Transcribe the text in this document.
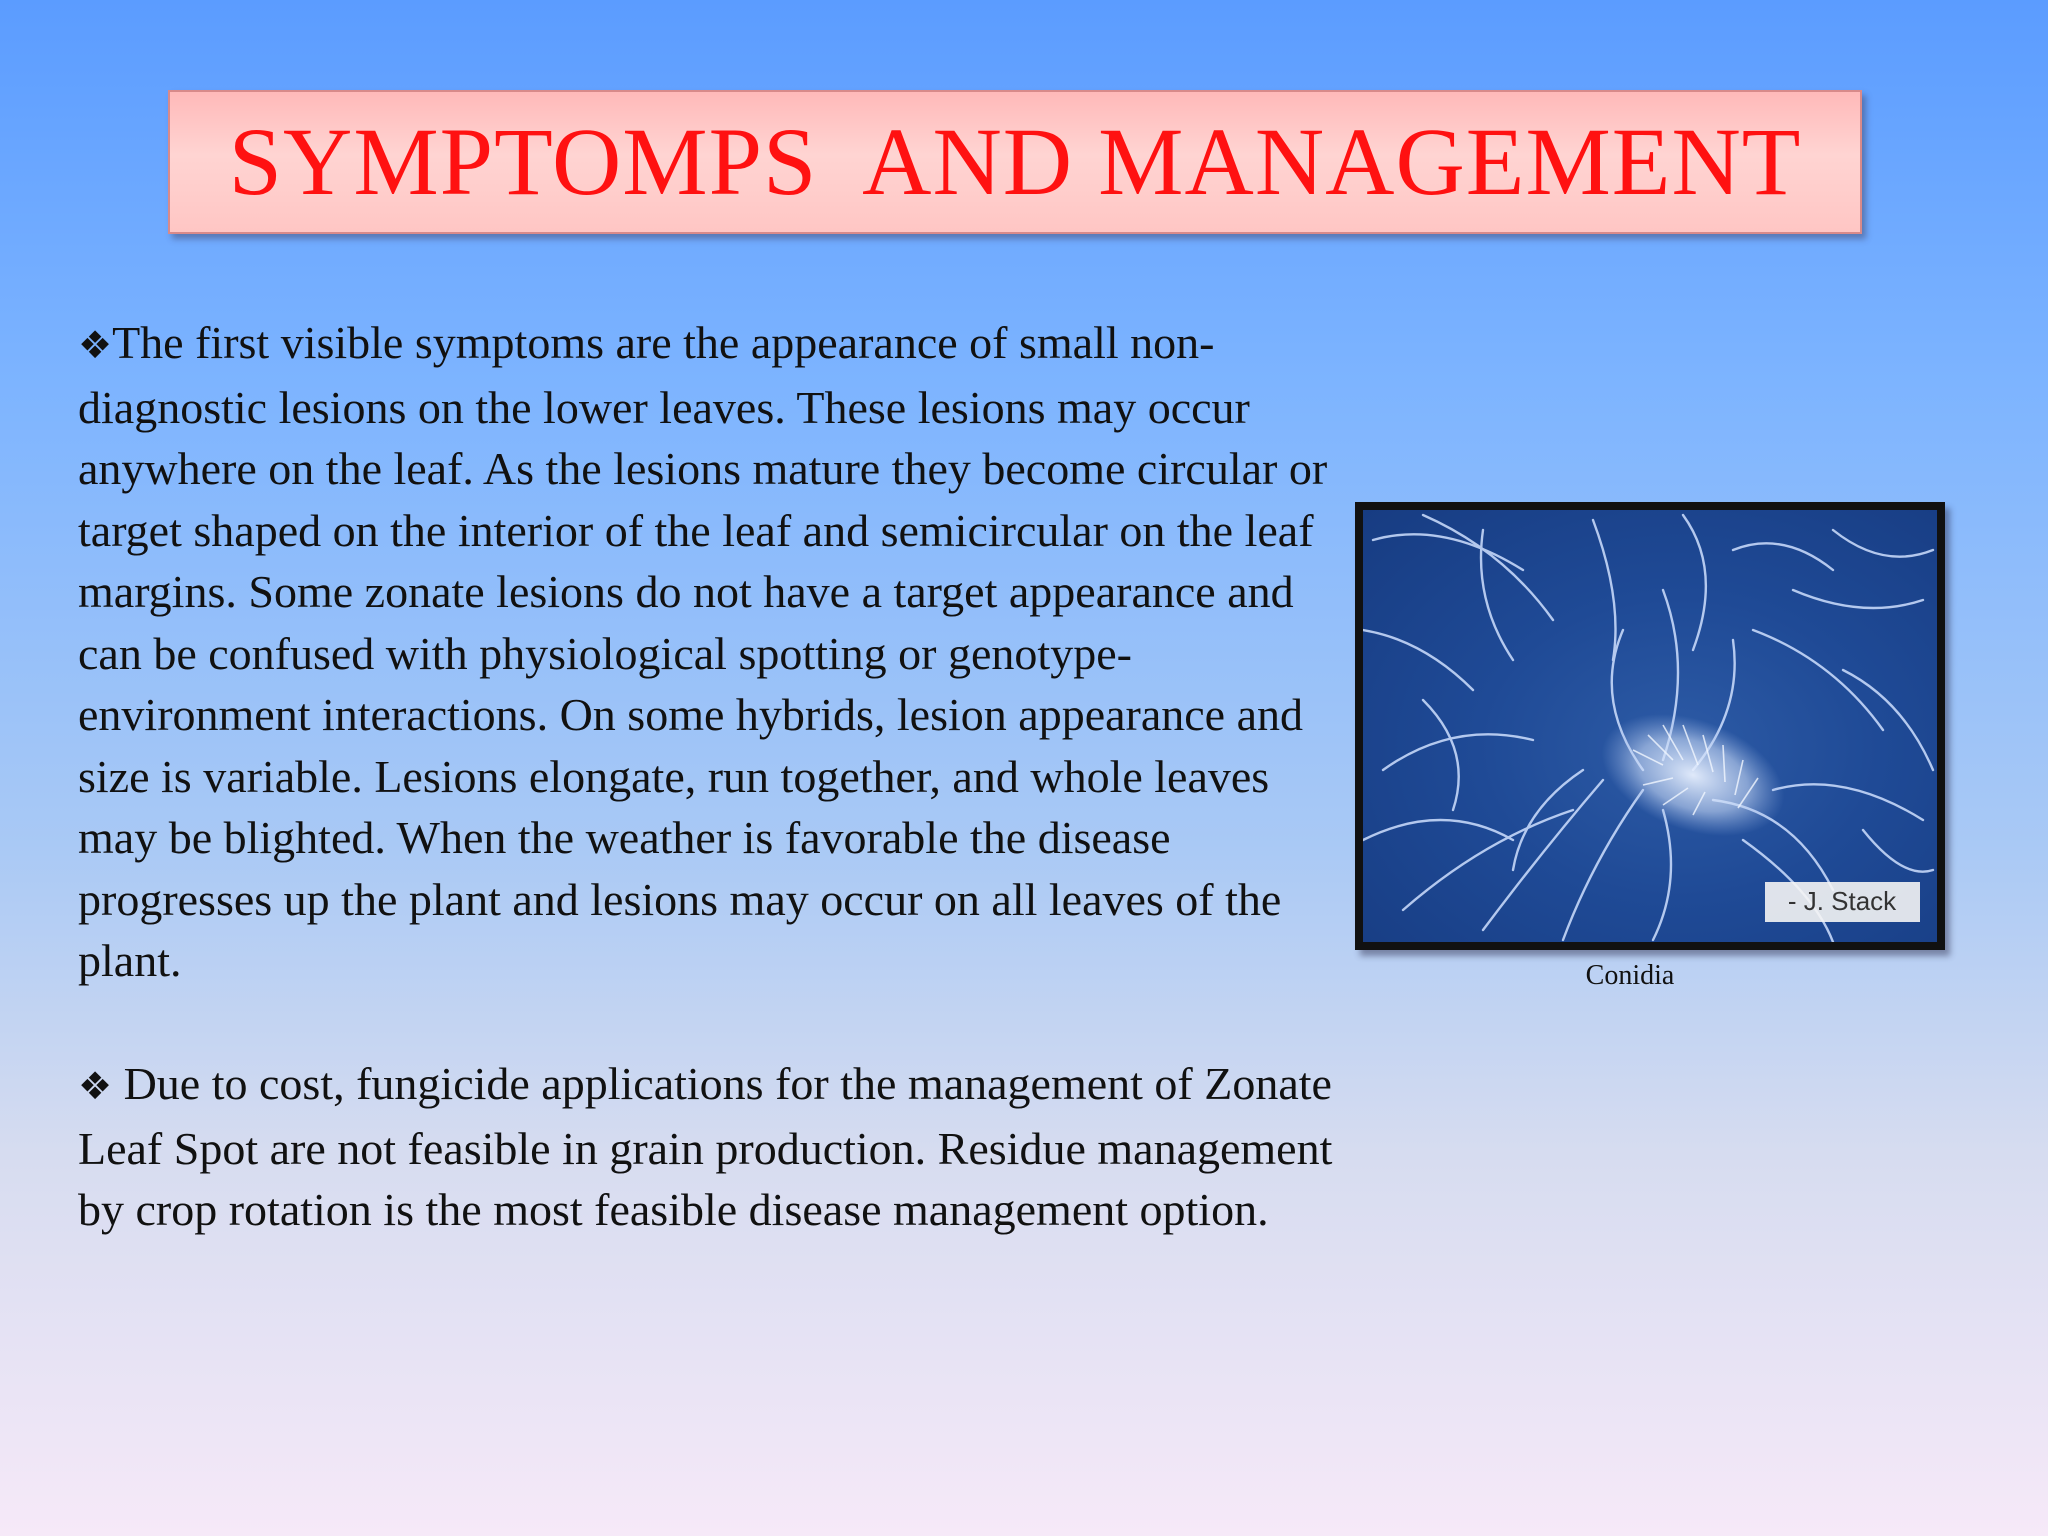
SYMPTOMPS  AND MANAGEMENT

❖The first visible symptoms are the appearance of small non-diagnostic lesions on the lower leaves. These lesions may occur anywhere on the leaf. As the lesions mature they become circular or target shaped on the interior of the leaf and semicircular on the leaf margins. Some zonate lesions do not have a target appearance and can be confused with physiological spotting or genotype-environment interactions. On some hybrids, lesion appearance and size is variable. Lesions elongate, run together, and whole leaves may be blighted. When the weather is favorable the disease progresses up the plant and lesions may occur on all leaves of the plant.

❖ Due to cost, fungicide applications for the management of Zonate Leaf Spot are not feasible in grain production. Residue management by crop rotation is the most feasible disease management option.

- J. Stack
Conidia
